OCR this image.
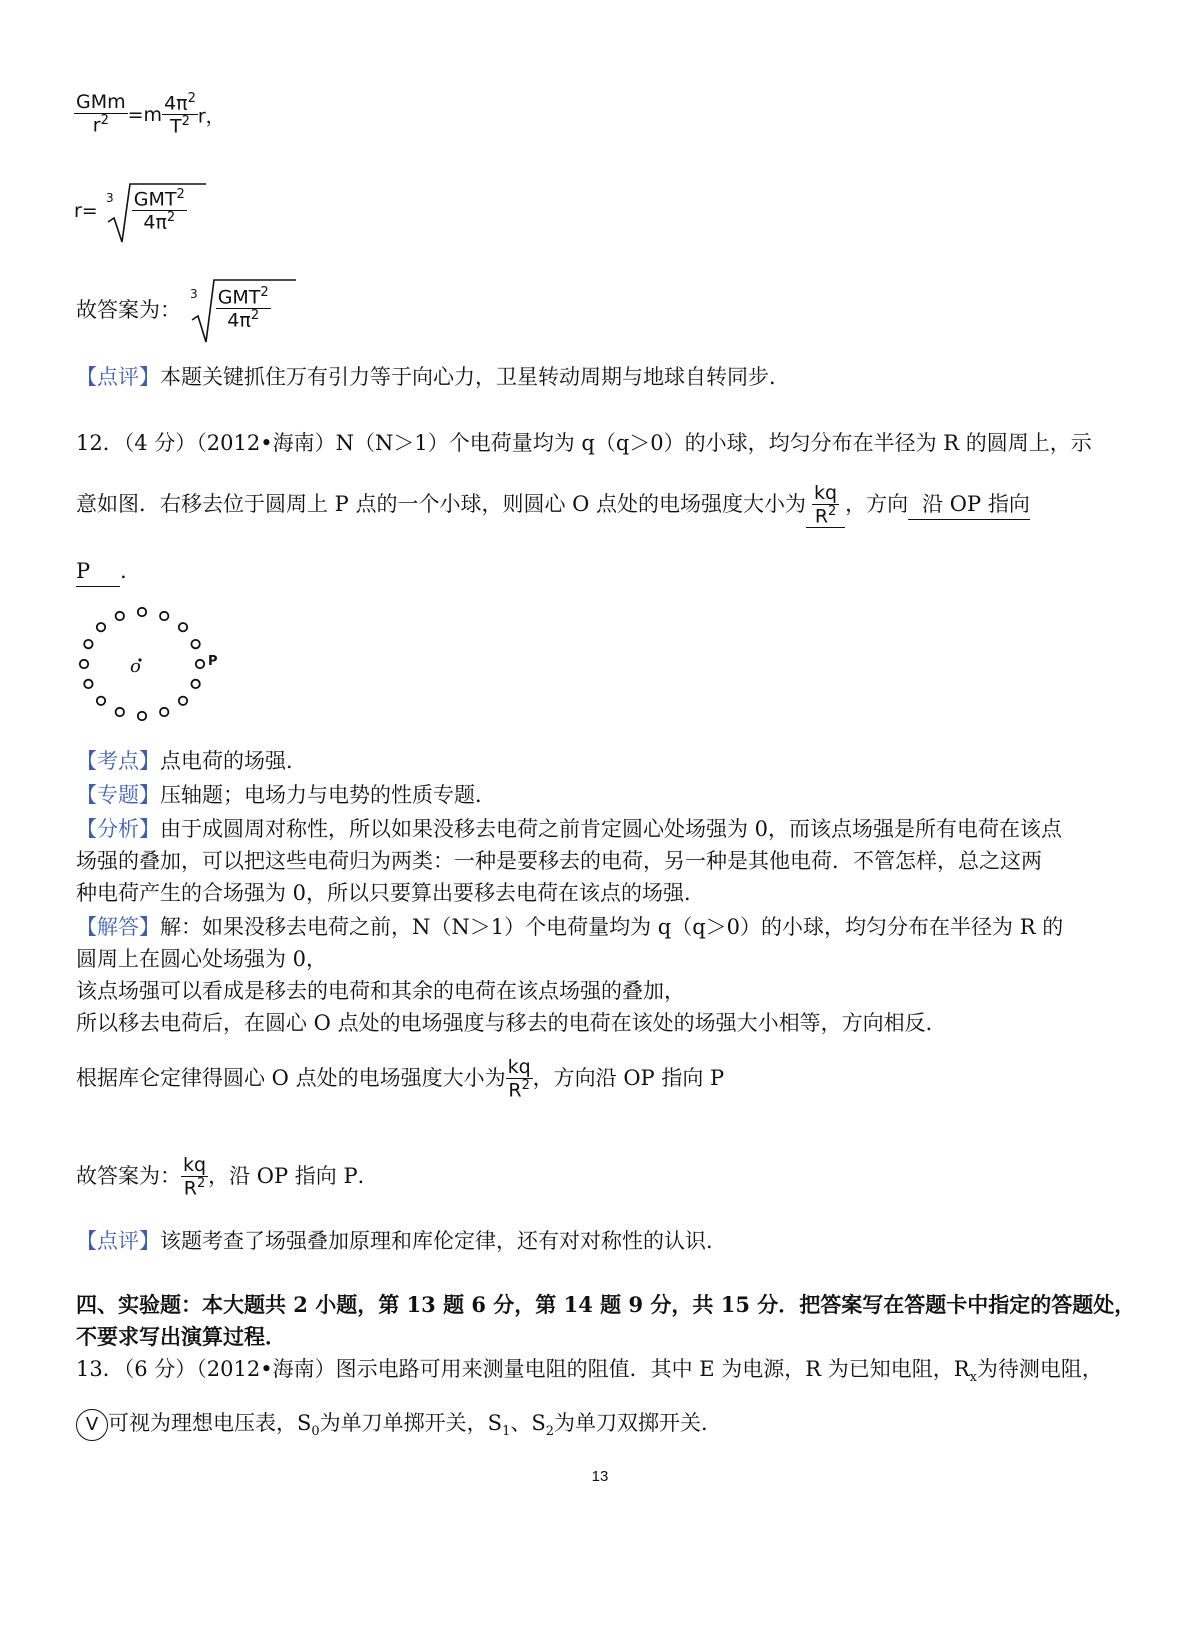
$\frac{\text{GMm}}{r^2} =m \frac{4\pi^2}{T^2}$ r，
r=
$3 \frac{GMT^2}{4\pi^2}$
故答案为：
$3 \frac{GMT^2}{4\pi^2}$
【点评】本题关键抓住万有引力等于向心力，卫星转动周期与地球自转同步．
12．（4 分）（2012•海南）N（N＞1）个电荷量均为 q（q＞0）的小球，均匀分布在半径为 R 的圆周上，示
意如图．右移去位于圆周上 P 点的一个小球，则圆心 O 点处的电场强度大小为 $\frac{kq}{R^2}$ ，方向 沿 OP 指向
P ．
o	P
【考点】点电荷的场强．
【专题】压轴题；电场力与电势的性质专题．
【分析】由于成圆周对称性，所以如果没移去电荷之前肯定圆心处场强为 0，而该点场强是所有电荷在该点
场强的叠加，可以把这些电荷归为两类：一种是要移去的电荷，另一种是其他电荷．不管怎样，总之这两
种电荷产生的合场强为 0，所以只要算出要移去电荷在该点的场强．
【解答】解：如果没移去电荷之前，N（N＞1）个电荷量均为 q（q＞0）的小球，均匀分布在半径为 R 的
圆周上在圆心处场强为 0，
该点场强可以看成是移去的电荷和其余的电荷在该点场强的叠加，
所以移去电荷后，在圆心 O 点处的电场强度与移去的电荷在该处的场强大小相等，方向相反．
根据库仑定律得圆心 O 点处的电场强度大小为 $\frac{kq}{R^2}$ ，方向沿 OP 指向 P
故答案为： $\frac{kq}{R^2}$ ，沿 OP 指向 P．
【点评】该题考查了场强叠加原理和库伦定律，还有对对称性的认识．
四、实验题：本大题共 2 小题，第 13 题 6 分，第 14 题 9 分，共 15 分．把答案写在答题卡中指定的答题处，
不要求写出演算过程．
13．（6 分）（2012•海南）图示电路可用来测量电阻的阻值．其中 E 为电源，R 为已知电阻，$R_x$为待测电阻，
V 可视为理想电压表，$S_0$为单刀单掷开关，$S_1$、$S_2$为单刀双掷开关．
13
